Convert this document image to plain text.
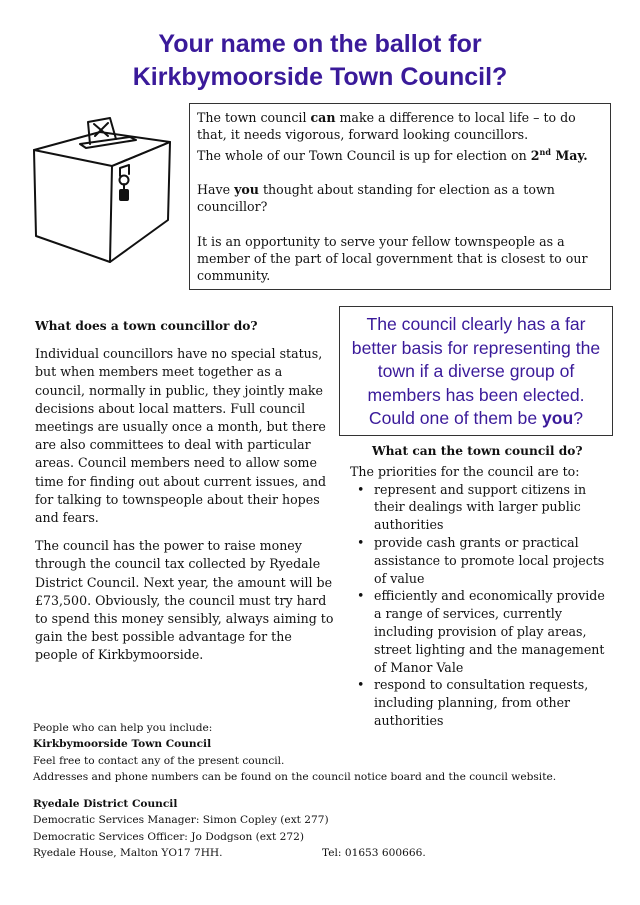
Your name on the ballot for
Kirkbymoorside Town Council?

The town council can make a difference to local life – to do that, it needs vigorous, forward looking councillors.
The whole of our Town Council is up for election on 2nd May.

Have you thought about standing for election as a town councillor?

It is an opportunity to serve your fellow townspeople as a member of the part of local government that is closest to our community.

What does a town councillor do?

Individual councillors have no special status, but when members meet together as a council, normally in public, they jointly make decisions about local matters. Full council meetings are usually once a month, but there are also committees to deal with particular areas. Council members need to allow some time for finding out about current issues, and for talking to townspeople about their hopes and fears.

The council has the power to raise money through the council tax collected by Ryedale District Council. Next year, the amount will be £73,500. Obviously, the council must try hard to spend this money sensibly, always aiming to gain the best possible advantage for the people of Kirkbymoorside.

The council clearly has a far better basis for representing the town if a diverse group of members has been elected. Could one of them be you?
What can the town council do?

The priorities for the council are to:

• represent and support citizens in their dealings with larger public authorities
• provide cash grants or practical assistance to promote local projects of value
• efficiently and economically provide a range of services, currently including provision of play areas, street lighting and the management of Manor Vale
• respond to consultation requests, including planning, from other authorities

People who can help you include:

Kirkbymoorside Town Council

Feel free to contact any of the present council.

Addresses and phone numbers can be found on the council notice board and the council website.

Ryedale District Council

Democratic Services Manager: Simon Copley (ext 277)

Democratic Services Officer: Jo Dodgson (ext 272)

Ryedale House, Malton YO17 7HH.	Tel: 01653 600666.
